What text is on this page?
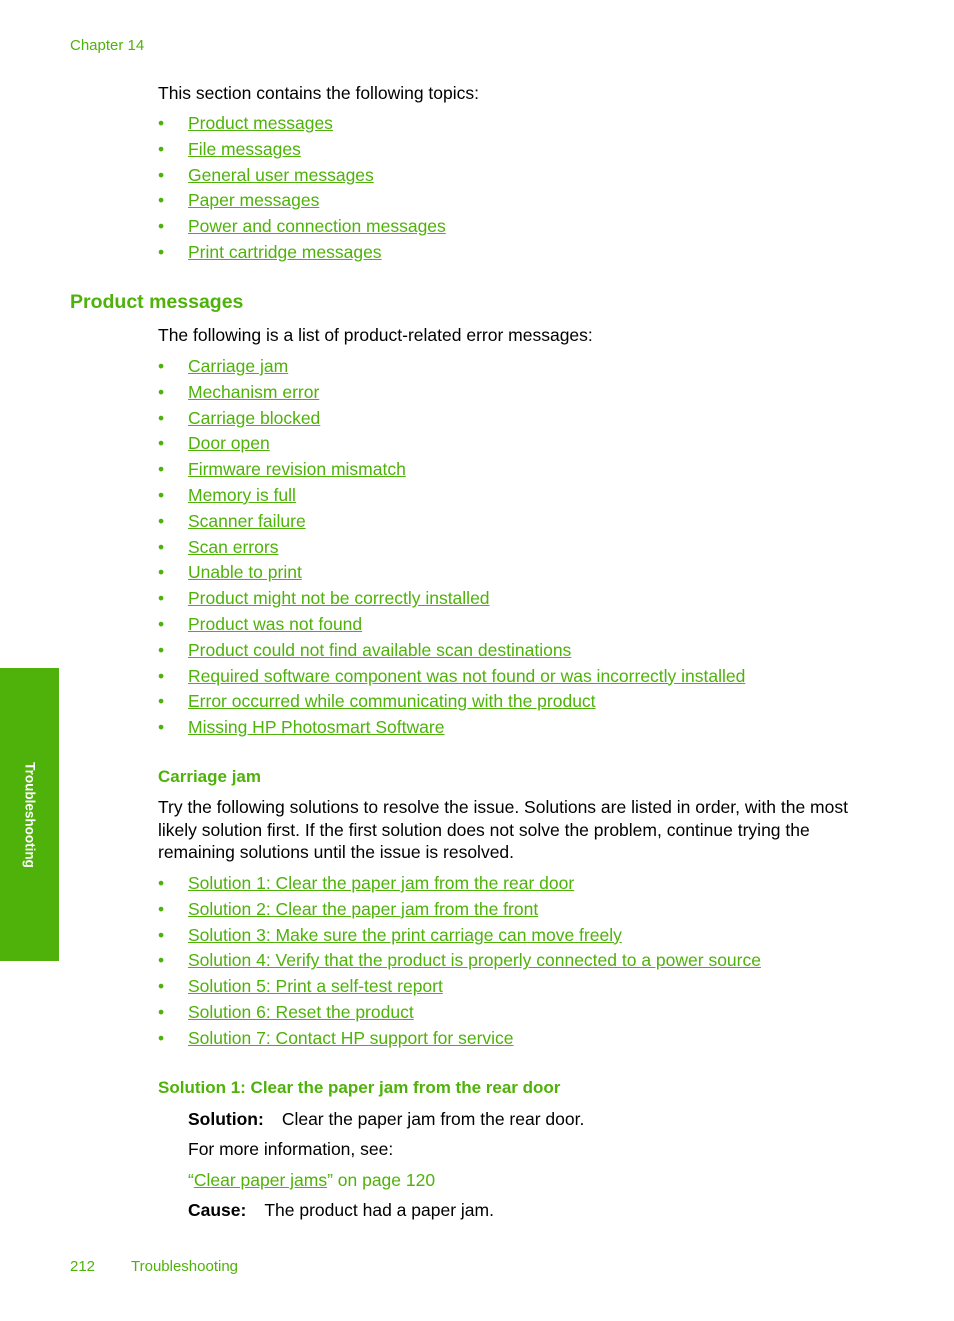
Chapter 14
This section contains the following topics:
• Product messages
• File messages
• General user messages
• Paper messages
• Power and connection messages
• Print cartridge messages
Product messages
The following is a list of product-related error messages:
• Carriage jam
• Mechanism error
• Carriage blocked
• Door open
• Firmware revision mismatch
• Memory is full
• Scanner failure
• Scan errors
• Unable to print
• Product might not be correctly installed
• Product was not found
• Product could not find available scan destinations
• Required software component was not found or was incorrectly installed
• Error occurred while communicating with the product
• Missing HP Photosmart Software
Carriage jam
Try the following solutions to resolve the issue. Solutions are listed in order, with the most
likely solution first. If the first solution does not solve the problem, continue trying the
remaining solutions until the issue is resolved.
• Solution 1: Clear the paper jam from the rear door
• Solution 2: Clear the paper jam from the front
• Solution 3: Make sure the print carriage can move freely
• Solution 4: Verify that the product is properly connected to a power source
• Solution 5: Print a self-test report
• Solution 6: Reset the product
• Solution 7: Contact HP support for service
Solution 1: Clear the paper jam from the rear door
Solution: Clear the paper jam from the rear door.
For more information, see:
“Clear paper jams” on page 120
Cause: The product had a paper jam.
Troubleshooting
212 Troubleshooting
